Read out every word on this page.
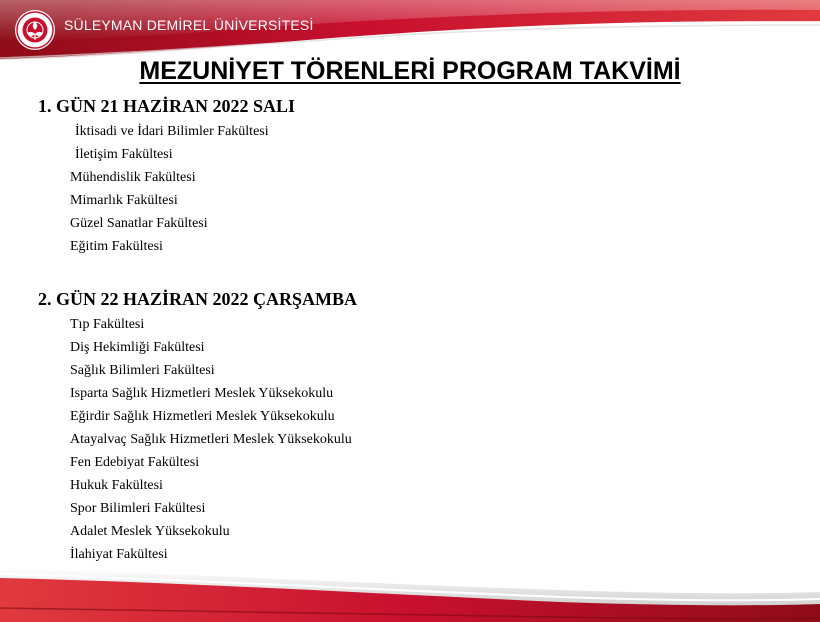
SÜLEYMAN DEMİREL ÜNİVERSİTESİ
MEZUNİYET TÖRENLERİ PROGRAM TAKVİMİ
1. GÜN 21 HAZİRAN 2022 SALI
İktisadi ve İdari Bilimler Fakültesi
İletişim Fakültesi
Mühendislik Fakültesi
Mimarlık Fakültesi
Güzel Sanatlar Fakültesi
Eğitim Fakültesi
2. GÜN 22 HAZİRAN 2022 ÇARŞAMBA
Tıp Fakültesi
Diş Hekimliği Fakültesi
Sağlık Bilimleri Fakültesi
Isparta Sağlık Hizmetleri Meslek Yüksekokulu
Eğirdir Sağlık Hizmetleri Meslek Yüksekokulu
Atayalvaç Sağlık Hizmetleri Meslek Yüksekokulu
Fen Edebiyat Fakültesi
Hukuk Fakültesi
Spor Bilimleri Fakültesi
Adalet Meslek Yüksekokulu
İlahiyat Fakültesi
